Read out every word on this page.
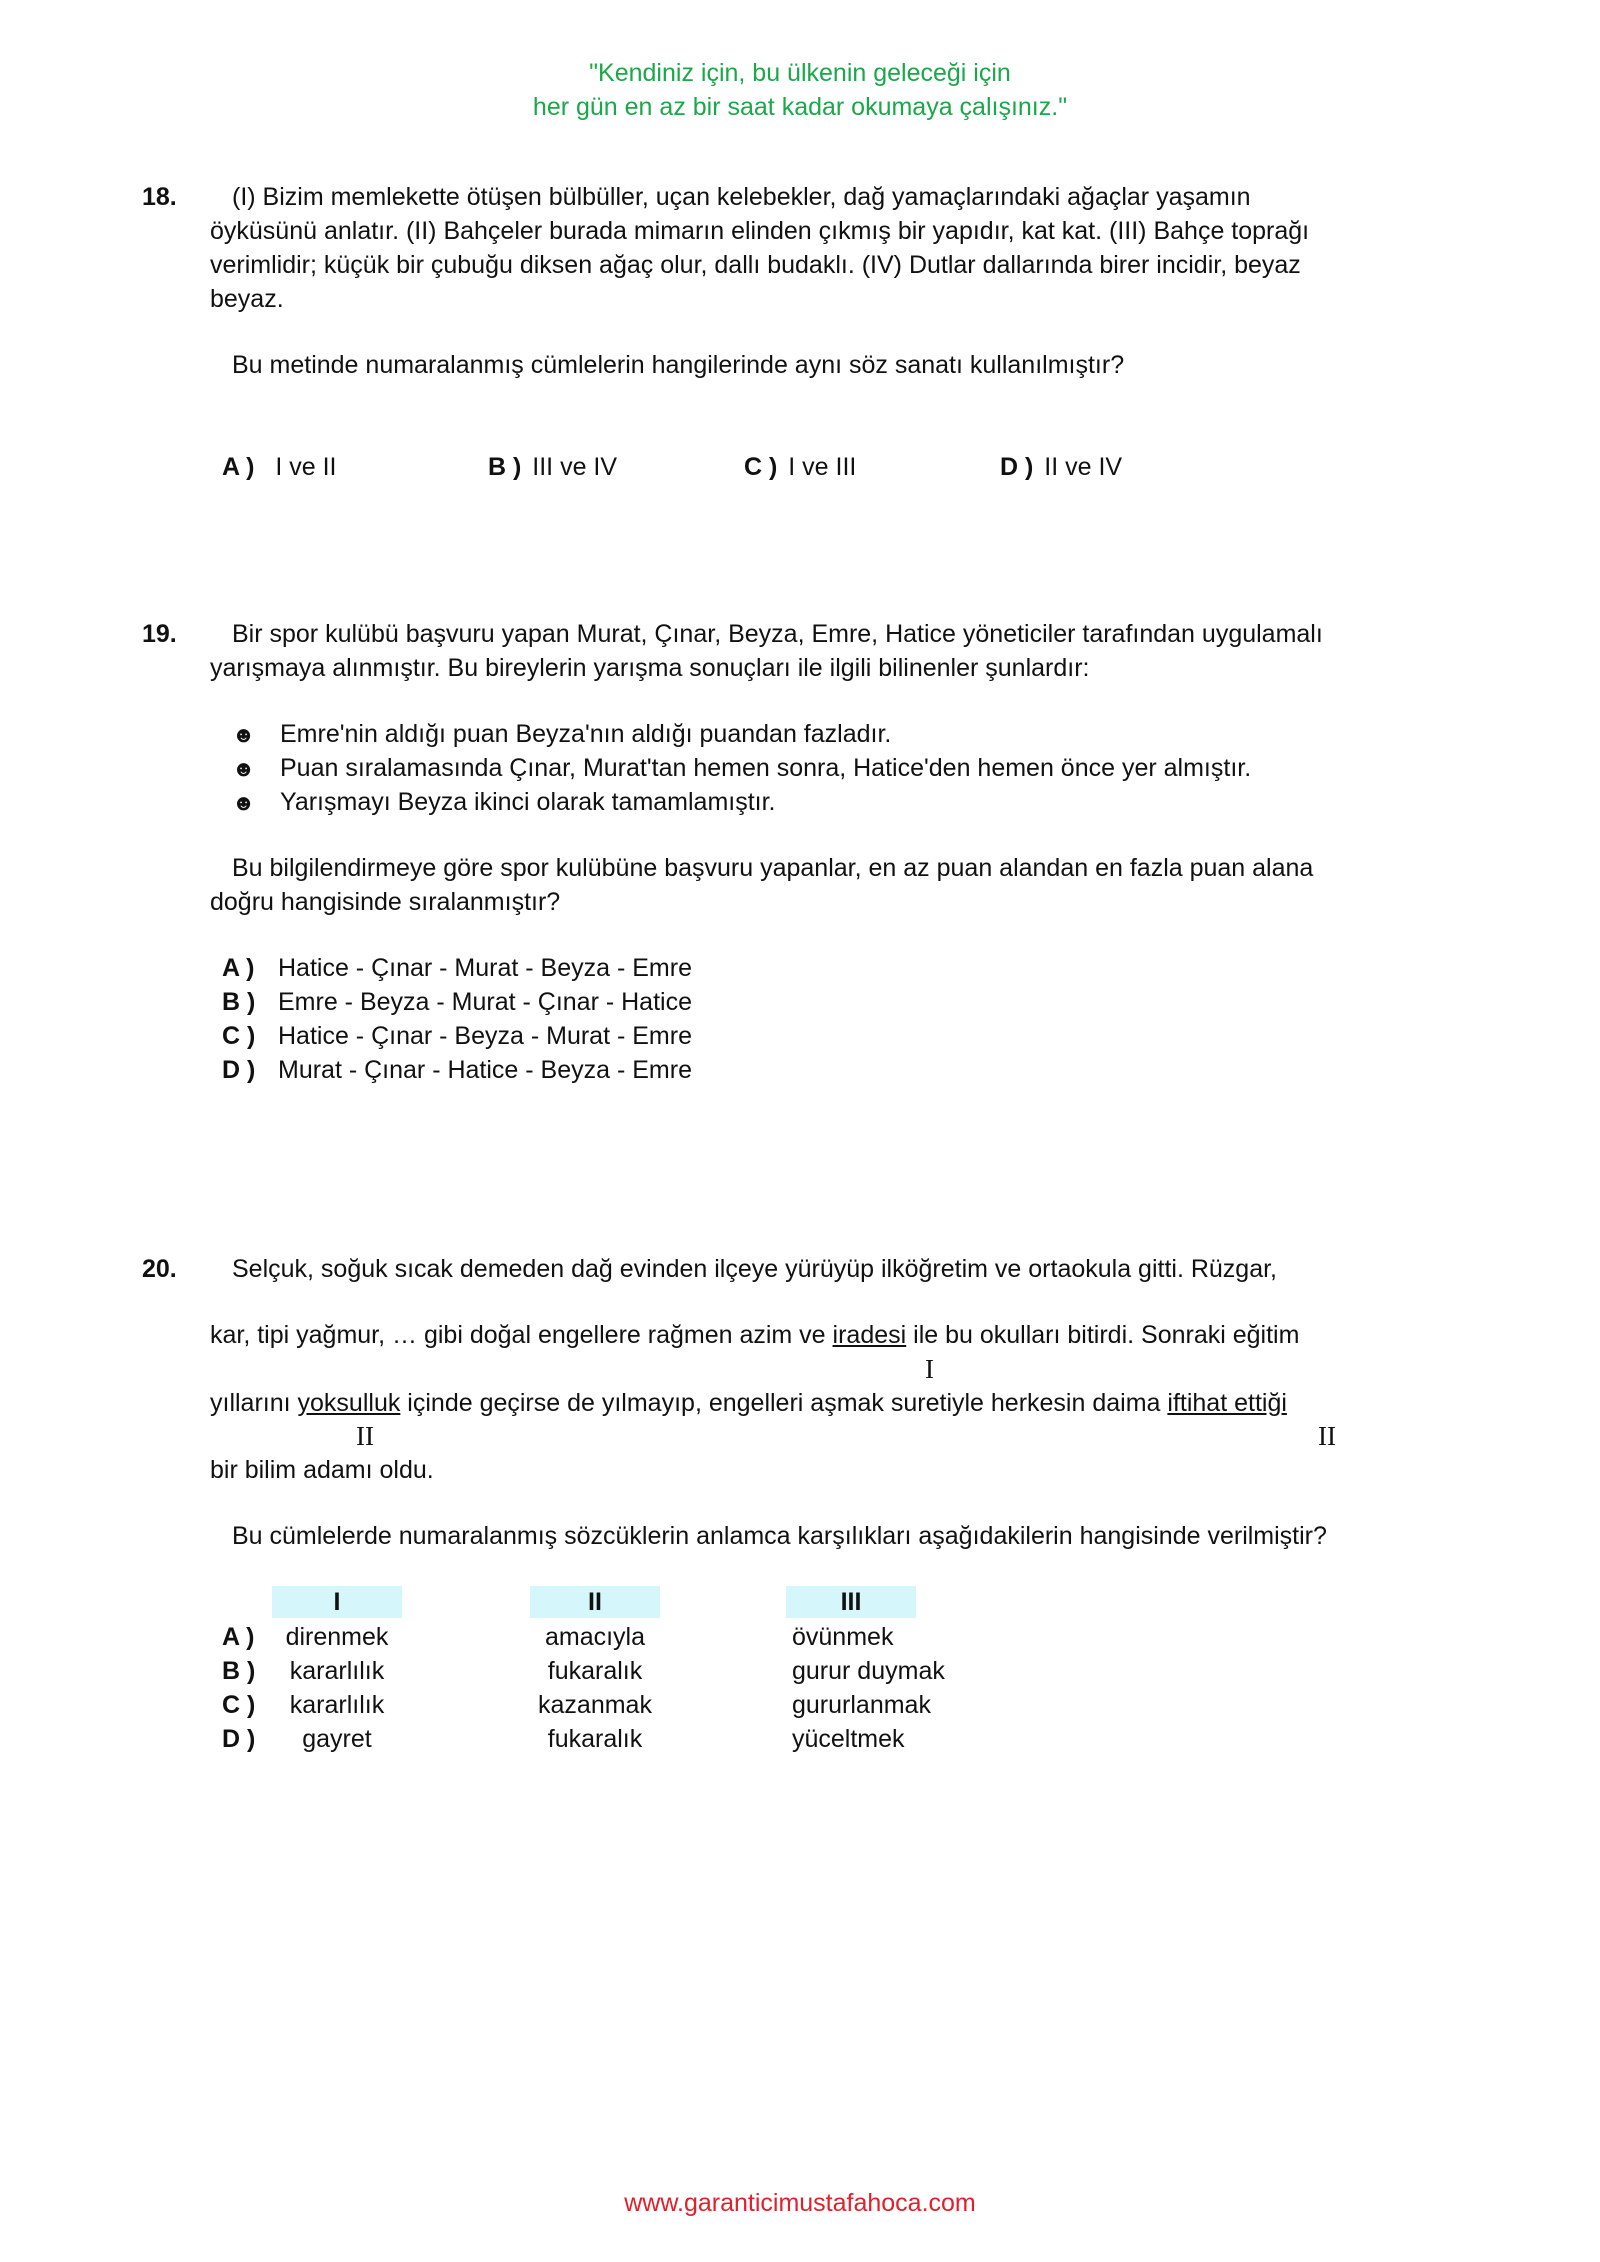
"Kendiniz için, bu ülkenin geleceği için
her gün en az bir saat kadar okumaya çalışınız."
18. (I) Bizim memlekette ötüşen bülbüller, uçan kelebekler, dağ yamaçlarındaki ağaçlar yaşamın
öyküsünü anlatır. (II) Bahçeler burada mimarın elinden çıkmış bir yapıdır, kat kat. (III) Bahçe toprağı
verimlidir; küçük bir çubuğu diksen ağaç olur, dallı budaklı. (IV) Dutlar dallarında birer incidir, beyaz
beyaz.
Bu metinde numaralanmış cümlelerin hangilerinde aynı söz sanatı kullanılmıştır?
A ) I ve II	B ) III ve IV	C ) I ve III	D ) II ve IV
19. Bir spor kulübü başvuru yapan Murat, Çınar, Beyza, Emre, Hatice yöneticiler tarafından uygulamalı
yarışmaya alınmıştır. Bu bireylerin yarışma sonuçları ile ilgili bilinenler şunlardır:
☻ Emre'nin aldığı puan Beyza'nın aldığı puandan fazladır.
☻ Puan sıralamasında Çınar, Murat'tan hemen sonra, Hatice'den hemen önce yer almıştır.
☻ Yarışmayı Beyza ikinci olarak tamamlamıştır.
Bu bilgilendirmeye göre spor kulübüne başvuru yapanlar, en az puan alandan en fazla puan alana
doğru hangisinde sıralanmıştır?
A ) Hatice - Çınar - Murat - Beyza - Emre
B ) Emre - Beyza - Murat - Çınar - Hatice
C ) Hatice - Çınar - Beyza - Murat - Emre
D ) Murat - Çınar - Hatice - Beyza - Emre
20. Selçuk, soğuk sıcak demeden dağ evinden ilçeye yürüyüp ilköğretim ve ortaokula gitti. Rüzgar,
kar, tipi yağmur, … gibi doğal engellere rağmen azim ve iradesi ile bu okulları bitirdi. Sonraki eğitim
I
yıllarını yoksulluk içinde geçirse de yılmayıp, engelleri aşmak suretiyle herkesin daima iftihat ettiği
II	II
bir bilim adamı oldu.
Bu cümlelerde numaralanmış sözcüklerin anlamca karşılıkları aşağıdakilerin hangisinde verilmiştir?
I	II	III
A )	direnmek	amacıyla	övünmek
B )	kararlılık	fukaralık	gurur duymak
C )	kararlılık	kazanmak	gururlanmak
D )	gayret	fukaralık	yüceltmek
www.garanticimustafahoca.com
